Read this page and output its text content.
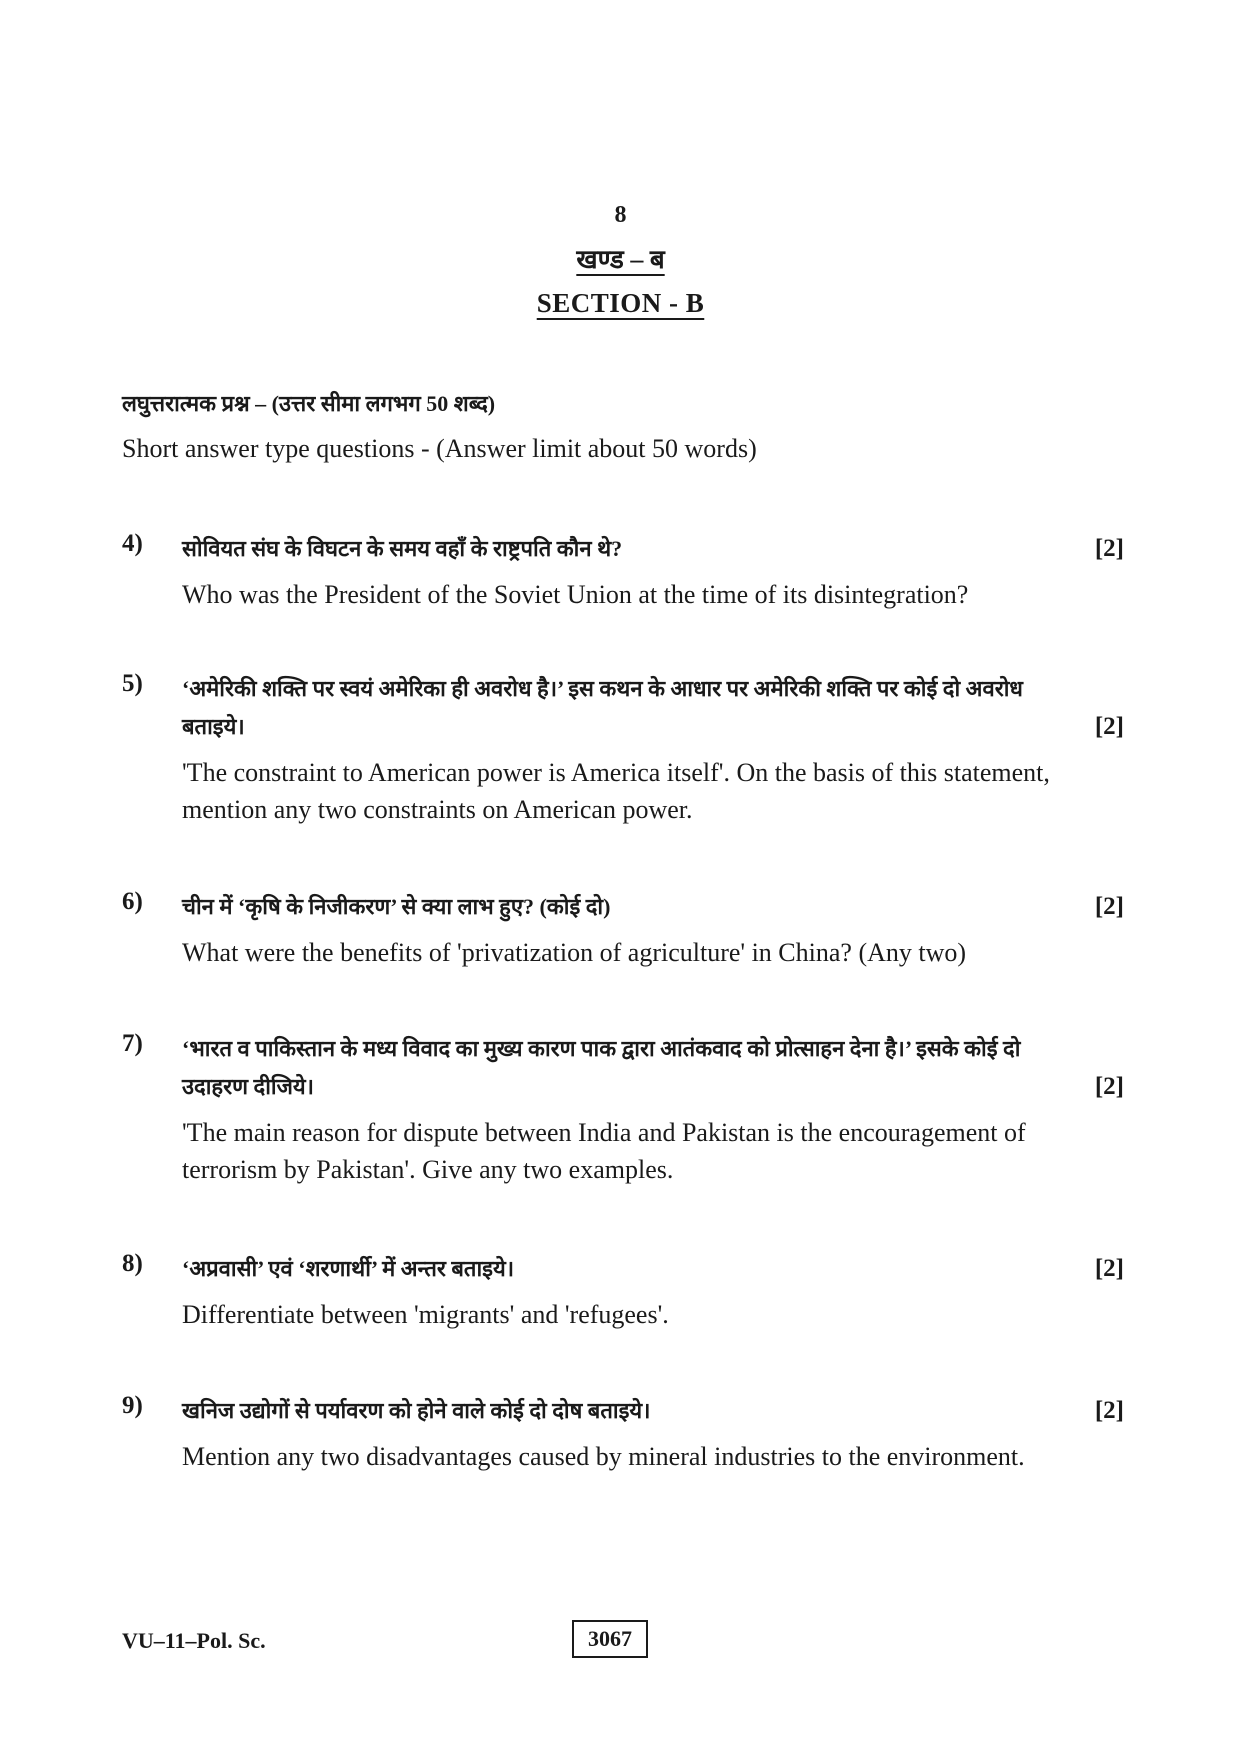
8
खण्ड – ब
SECTION - B
लघुत्तरात्मक प्रश्न – (उत्तर सीमा लगभग 50 शब्द)
Short answer type questions - (Answer limit about 50 words)
4) सोवियत संघ के विघटन के समय वहाँ के राष्ट्रपति कौन थे?	[2]
Who was the President of the Soviet Union at the time of its disintegration?
5) ‘अमेरिकी शक्ति पर स्वयं अमेरिका ही अवरोध है।’ इस कथन के आधार पर अमेरिकी शक्ति पर कोई दो अवरोध बताइये।	[2]
'The constraint to American power is America itself'. On the basis of this statement, mention any two constraints on American power.
6) चीन में ‘कृषि के निजीकरण’ से क्या लाभ हुए? (कोई दो)	[2]
What were the benefits of 'privatization of agriculture' in China? (Any two)
7) ‘भारत व पाकिस्तान के मध्य विवाद का मुख्य कारण पाक द्वारा आतंकवाद को प्रोत्साहन देना है।’ इसके कोई दो उदाहरण दीजिये।	[2]
'The main reason for dispute between India and Pakistan is the encouragement of terrorism by Pakistan'. Give any two examples.
8) ‘अप्रवासी’ एवं ‘शरणार्थी’ में अन्तर बताइये।	[2]
Differentiate between 'migrants' and 'refugees'.
9) खनिज उद्योगों से पर्यावरण को होने वाले कोई दो दोष बताइये।	[2]
Mention any two disadvantages caused by mineral industries to the environment.
VU–11–Pol. Sc.	3067
